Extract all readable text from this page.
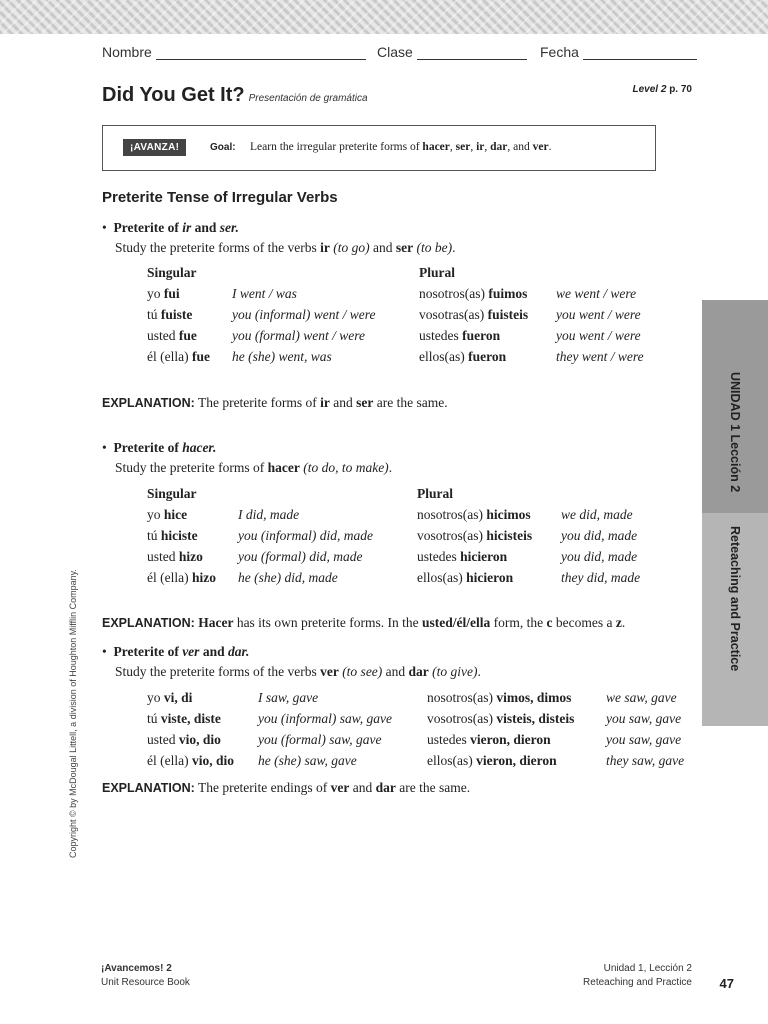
Nombre	Clase	Fecha
Did You Get It? Presentación de gramática
Level 2 p. 70
¡AVANZA!	Goal: Learn the irregular preterite forms of hacer, ser, ir, dar, and ver.
Preterite Tense of Irregular Verbs
• Preterite of ir and ser.
Study the preterite forms of the verbs ir (to go) and ser (to be).
Singular	Plural
yo fui	I went / was	nosotros(as) fuimos we went / were
tú fuiste	you (informal) went / were	vosotras(as) fuisteis you went / were
usted fue	you (formal) went / were	ustedes fueron	you went / were
él (ella) fue he (she) went, was	ellos(as) fueron	they went / were
EXPLANATION: The preterite forms of ir and ser are the same.
• Preterite of hacer.
Study the preterite forms of hacer (to do, to make).
Singular	Plural
yo hice	I did, made	nosotros(as) hicimos we did, made
tú hiciste	you (informal) did, made	vosotros(as) hicisteis you did, made
usted hizo	you (formal) did, made	ustedes hicieron	you did, made
él (ella) hizo he (she) did, made	ellos(as) hicieron	they did, made
EXPLANATION: Hacer has its own preterite forms. In the usted/él/ella form, the c becomes a z.
• Preterite of ver and dar.
Study the preterite forms of the verbs ver (to see) and dar (to give).
yo vi, di	I saw, gave	nosotros(as) vimos, dimos	we saw, gave
tú viste, diste	you (informal) saw, gave	vosotros(as) visteis, disteis you saw, gave
usted vio, dio	you (formal) saw, gave	ustedes vieron, dieron	you saw, gave
él (ella) vio, dio he (she) saw, gave	ellos(as) vieron, dieron	they saw, gave
EXPLANATION: The preterite endings of ver and dar are the same.
UNIDAD 1 Lección 2
Reteaching and Practice
Copyright © by McDougal Littell, a division of Houghton Mifflin Company.
¡Avancemos! 2
Unit Resource Book
Unidad 1, Lección 2
Reteaching and Practice 47
